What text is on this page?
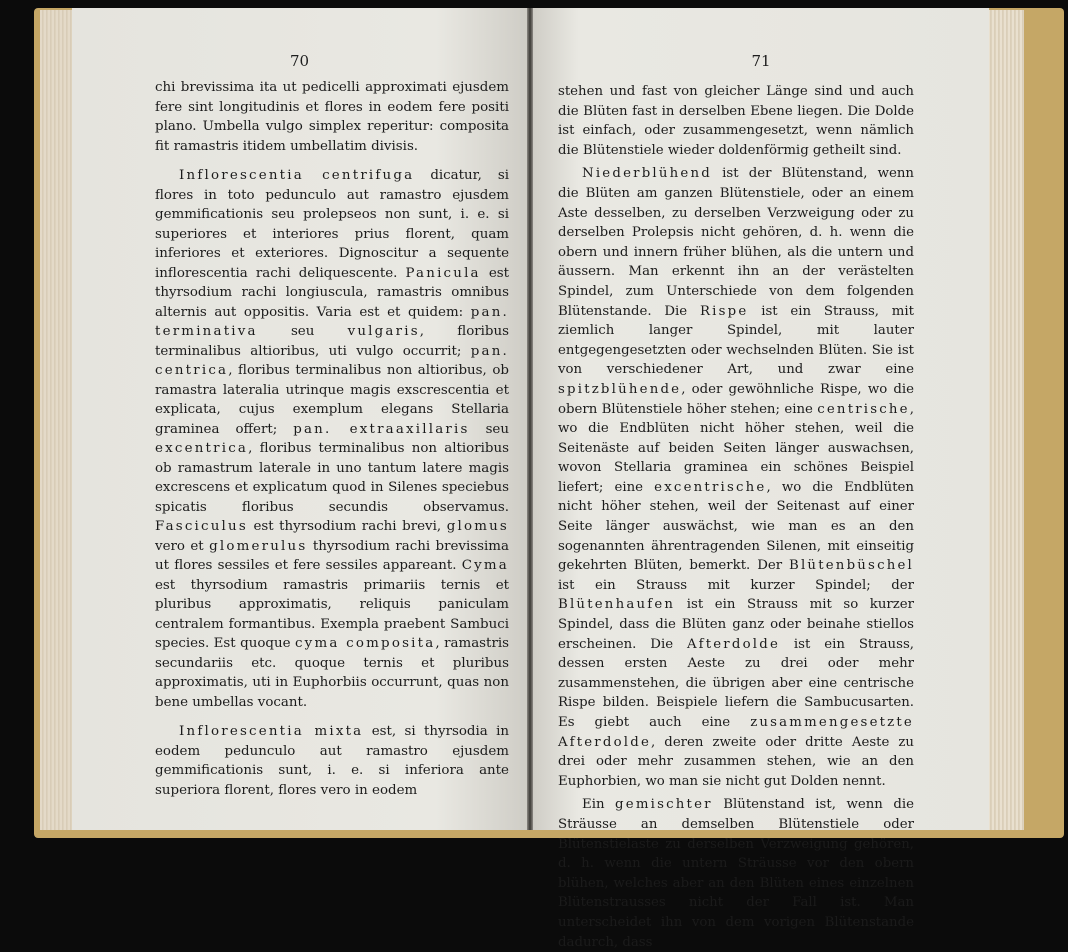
70

chi brevissima ita ut pedicelli approximati ejusdem fere sint longitudinis et flores in eodem fere positi plano. Umbella vulgo simplex reperitur: composita fit ramastris itidem umbellatim divisis.

Inflorescentia centrifuga dicatur, si flores in toto pedunculo aut ramastro ejusdem gemmificationis seu prolepseos non sunt, i. e. si superiores et interiores prius florent, quam inferiores et exteriores. Dignoscitur a sequente inflorescentia rachi deliquescente. Panicula est thyrsodium rachi longiuscula, ramastris omnibus alternis aut oppositis. Varia est et quidem: pan. terminativa seu vulgaris, floribus terminalibus altioribus, uti vulgo occurrit; pan. centrica, floribus terminalibus non altioribus, ob ramastra lateralia utrinque magis exscrescentia et explicata, cujus exemplum elegans Stellaria graminea offert; pan. extraaxillaris seu excentrica, floribus terminalibus non altioribus ob ramastrum laterale in uno tantum latere magis excrescens et explicatum quod in Silenes speciebus spicatis floribus secundis observamus. Fasciculus est thyrsodium rachi brevi, glomus vero et glomerulus thyrsodium rachi brevissima ut flores sessiles et fere sessiles appareant. Cyma est thyrsodium ramastris primariis ternis et pluribus approximatis, reliquis paniculam centralem formantibus. Exempla praebent Sambuci species. Est quoque cyma composita, ramastris secundariis etc. quoque ternis et pluribus approximatis, uti in Euphorbiis occurrunt, quas non bene umbellas vocant.

Inflorescentia mixta est, si thyrsodia in eodem pedunculo aut ramastro ejusdem gemmificationis sunt, i. e. si inferiora ante superiora florent, flores vero in eodem

71

stehen und fast von gleicher Länge sind und auch die Blüten fast in derselben Ebene liegen. Die Dolde ist einfach, oder zusammengesetzt, wenn nämlich die Blütenstiele wieder doldenförmig getheilt sind.

Niederblühend ist der Blütenstand, wenn die Blüten am ganzen Blütenstiele, oder an einem Aste desselben, zu derselben Verzweigung oder zu derselben Prolepsis nicht gehören, d. h. wenn die obern und innern früher blühen, als die untern und äussern. Man erkennt ihn an der verästelten Spindel, zum Unterschiede von dem folgenden Blütenstande. Die Rispe ist ein Strauss, mit ziemlich langer Spindel, mit lauter entgegengesetzten oder wechselnden Blüten. Sie ist von verschiedener Art, und zwar eine spitzblühende, oder gewöhnliche Rispe, wo die obern Blütenstiele höher stehen; eine centrische, wo die Endblüten nicht höher stehen, weil die Seitenäste auf beiden Seiten länger auswachsen, wovon Stellaria graminea ein schönes Beispiel liefert; eine excentrische, wo die Endblüten nicht höher stehen, weil der Seitenast auf einer Seite länger auswächst, wie man es an den sogenannten ährentragenden Silenen, mit einseitig gekehrten Blüten, bemerkt. Der Blütenbüschel ist ein Strauss mit kurzer Spindel; der Blütenhaufen ist ein Strauss mit so kurzer Spindel, dass die Blüten ganz oder beinahe stiellos erscheinen. Die Afterdolde ist ein Strauss, dessen ersten Aeste zu drei oder mehr zusammenstehen, die übrigen aber eine centrische Rispe bilden. Beispiele liefern die Sambucusarten. Es giebt auch eine zusammengesetzte Afterdolde, deren zweite oder dritte Aeste zu drei oder mehr zusammen stehen, wie an den Euphorbien, wo man sie nicht gut Dolden nennt.

Ein gemischter Blütenstand ist, wenn die Sträusse an demselben Blütenstiele oder Blütenstielaste zu derselben Verzweigung gehören, d. h. wenn die untern Sträusse vor den obern blühen, welches aber an den Blüten eines einzelnen Blütenstrausses nicht der Fall ist. Man unterscheidet ihn von dem vorigen Blütenstande dadurch, dass
